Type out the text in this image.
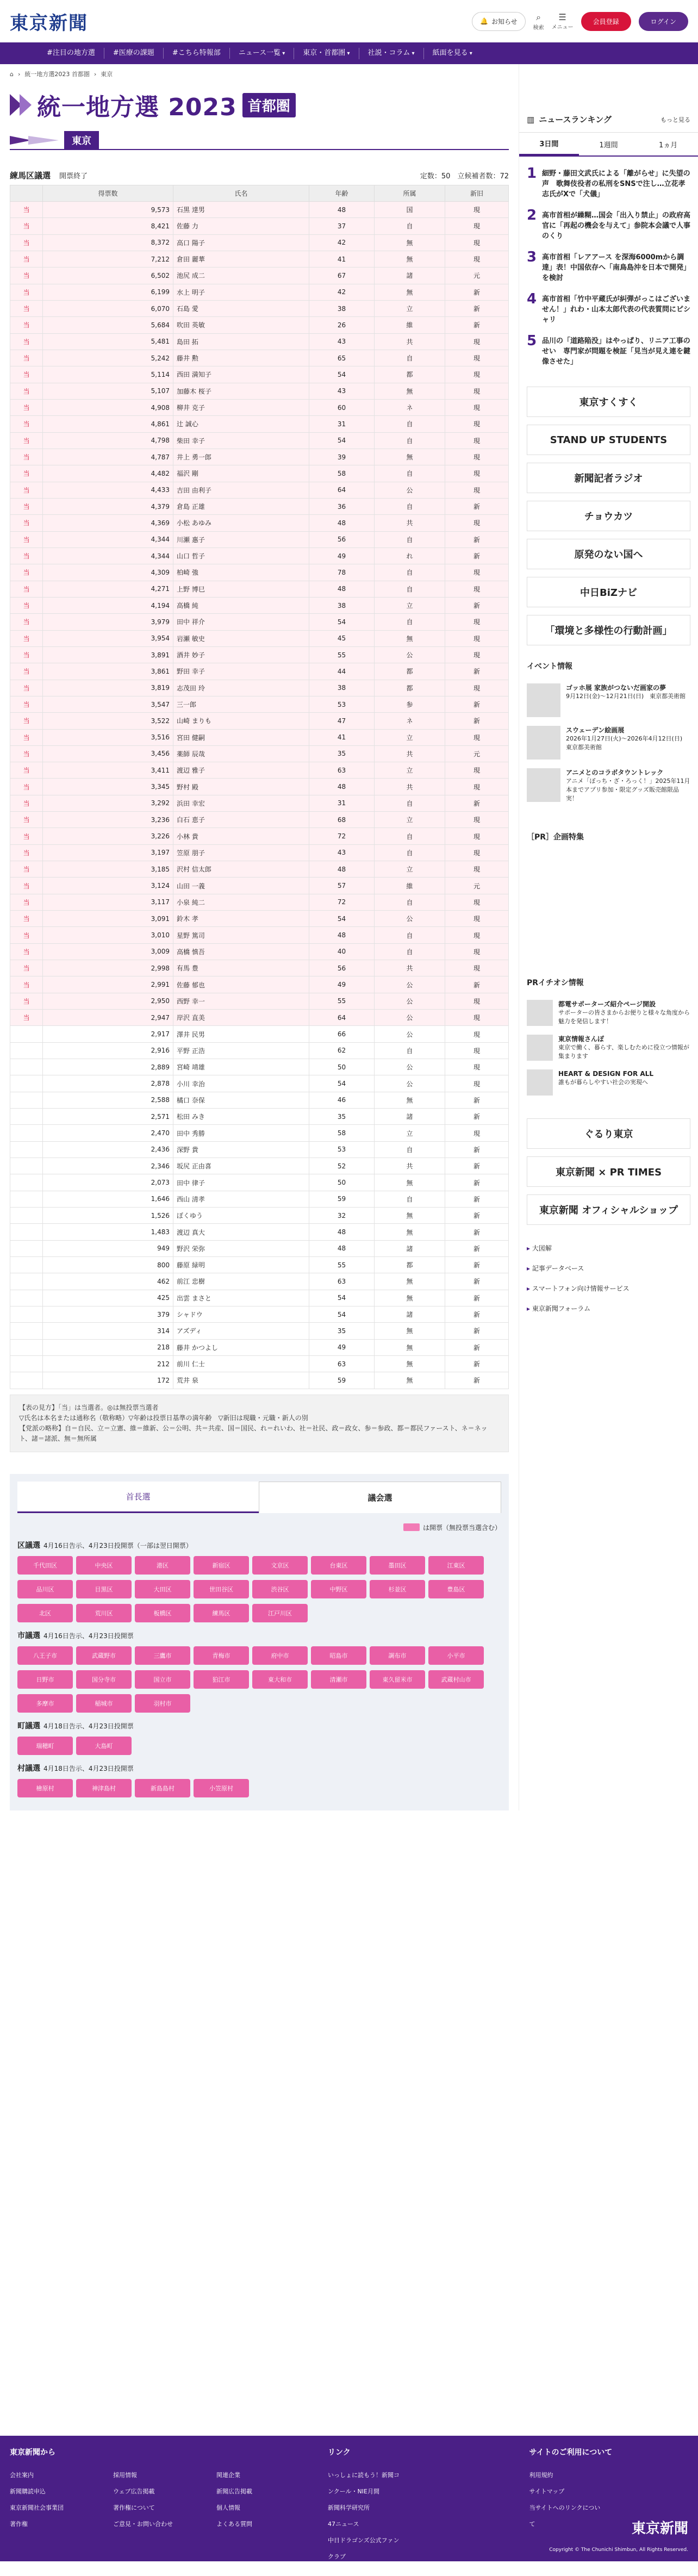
東京新聞	🔔 お知らせ ⌕
検索
☰
メニュー
会員登録	ログイン
#注目の地方選	#医療の課題	#こちら特報部	ニュース一覧 ▾	東京・首都圏 ▾	社説・コラム ▾	紙面を見る ▾
⌂ › 統一地方選2023 首都圏 › 東京
統一地方選 2023 首都圏
東京
練馬区議選 開票終了	定数：50　立候補者数：72
	得票数	氏名	年齢	所属	新旧
当	9,573	石黒 達男	48	国	現
当	8,421	佐藤 力	37	自	現
当	8,372	高口 陽子	42	無	現
当	7,212	倉田 麗華	41	無	現
当	6,502	池尻 成二	67	諸	元
当	6,199	水上 明子	42	無	新
当	6,070	石島 愛	38	立	新
当	5,684	吹田 英敏	26	維	新
当	5,481	島田 拓	43	共	現
当	5,242	藤井 勲	65	自	現
当	5,114	西田 満知子	54	都	現
当	5,107	加藤木 桜子	43	無	現
当	4,908	柳井 克子	60	ネ	現
当	4,861	辻 誠心	31	自	現
当	4,798	柴田 幸子	54	自	現
当	4,787	井上 勇一郎	39	無	現
当	4,482	福沢 剛	58	自	現
当	4,433	吉田 由利子	64	公	現
当	4,379	倉島 正雄	36	自	新
当	4,369	小松 あゆみ	48	共	現
当	4,344	川瀬 惠子	56	自	新
当	4,344	山口 哲子	49	れ	新
当	4,309	柏崎 強	78	自	現
当	4,271	上野 博巳	48	自	現
当	4,194	高橋 純	38	立	新
当	3,979	田中 祥介	54	自	現
当	3,954	岩瀬 敏史	45	無	現
当	3,891	酒井 妙子	55	公	現
当	3,861	野田 幸子	44	都	新
当	3,819	志茂田 玲	38	都	現
当	3,547	三一郎	53	参	新
当	3,522	山崎 まりも	47	ネ	新
当	3,516	宮田 健嗣	41	立	現
当	3,456	薬師 辰哉	35	共	元
当	3,411	渡辺 雅子	63	立	現
当	3,345	野村 殿	48	共	現
当	3,292	浜田 幸宏	31	自	新
当	3,236	白石 恵子	68	立	現
当	3,226	小林 貴	72	自	現
当	3,197	笠原 朋子	43	自	現
当	3,185	沢村 信太郎	48	立	現
当	3,124	山田 一義	57	維	元
当	3,117	小泉 純二	72	自	現
当	3,091	鈴木 孝	54	公	現
当	3,010	星野 篤司	48	自	現
当	3,009	高橋 慎吾	40	自	現
当	2,998	有馬 豊	56	共	現
当	2,991	佐藤 郁也	49	公	新
当	2,950	西野 幸一	55	公	現
当	2,947	岸沢 直美	64	公	現
	2,917	澤井 民男	66	公	現
	2,916	平野 正浩	62	自	現
	2,889	宮崎 靖雄	50	公	現
	2,878	小川 幸治	54	公	現
	2,588	橘口 奈保	46	無	新
	2,571	松田 みき	35	諸	新
	2,470	田中 秀勝	58	立	現
	2,436	深野 貴	53	自	新
	2,346	坂尻 正由喜	52	共	新
	2,073	田中 律子	50	無	新
	1,646	西山 清孝	59	自	新
	1,526	ぼくゆう	32	無	新
	1,483	渡辺 真大	48	無	新
	949	野沢 栄弥	48	諸	新
	800	藤原 緑明	55	都	新
	462	前江 忠樹	63	無	新
	425	出雲 まさと	54	無	新
	379	シャドウ	54	諸	新
	314	アズディ	35	無	新
	218	藤井 かつよし	49	無	新
	212	前川 仁士	63	無	新
	172	荒井 泉	59	無	新
【表の見方】「当」は当選者。◎は無投票当選者
▽氏名は本名または通称名（敬称略）▽年齢は投票日基準の満年齢　▽新旧は現職・元職・新人の別
【党派の略称】自＝自民、立＝立憲、維＝維新、公＝公明、共＝共産、国＝国民、れ＝れいわ、社＝社民、政＝政女、参＝参政、都＝都民ファースト、ネ＝ネット、諸＝諸派、無＝無所属
首長選	議会選
は開票（無投票当選含む）
区議選 4月16日告示、4月23日投開票（一部は翌日開票）
千代田区	中央区	港区	新宿区	文京区	台東区	墨田区	江東区
品川区	目黒区	大田区	世田谷区	渋谷区	中野区	杉並区	豊島区
北区	荒川区	板橋区	練馬区	江戸川区
市議選 4月16日告示、4月23日投開票
八王子市	武蔵野市	三鷹市	青梅市	府中市	昭島市	調布市	小平市
日野市	国分寺市	国立市	狛江市	東大和市	清瀬市	東久留米市	武蔵村山市
多摩市	稲城市	羽村市
町議選 4月18日告示、4月23日投開票
瑞穂町	大島町
村議選 4月18日告示、4月23日投開票
檜原村	神津島村	新島島村	小笠原村
▥ ニュースランキング	もっと見る
3日間	1週間	1ヵ月
1 細野・藤田文武氏による「離がらせ」に失望の声　歌舞伎役者の私刑をSNSで注し…立花孝志氏がXで「犬儀」
2 高市首相が繰糊…国会「出入り禁止」の政府高官に「再起の機会を与えて」参院本会議で人事のくり
3 高市首相「レアアース を深海6000mから調達」表！中国依存へ「南鳥島沖を日本で開発」を検討
4 高市首相「竹中平蔵氏が糾弾がっこはございません！」れわ・山本太郎代表の代表質問にピシャリ
5 品川の「道路陥没」はやっぱり、リニア工事のせい　専門家が問題を検証「見当が見え連を鍵像させた」
東京すくすく
STAND UP STUDENTS
新聞記者ラジオ
チョウカツ
原発のない国へ
中日BiZナビ
「環境と多様性の行動計画」
イベント情報
ゴッホ展 家族がつないだ画家の夢
9月12日(金)～12月21日(日)　東京都美術館
スウェーデン絵画展
2026年1月27日(火)～2026年4月12日(日)　東京都美術館
アニメとのコラボタウントレック
アニメ「ぼっち・ざ・ろっく！」2025年11月本までアプリ参加・限定グッズ販売館限品実！
［PR］企画特集
PRイチオシ情報
都電サポーターズ紹介ページ開設
サポーターの皆さまからお便りと様々な角度から魅力を発信します！
東京情報さんぽ
東京で働く、暮らす、楽しむために役立つ情報が集まります
HEART & DESIGN FOR ALL
誰もが暮らしやすい社会の実現へ
ぐるり東京
東京新聞 × PR TIMES
東京新聞 オフィシャルショップ
▸ 大図解
▸ 記事データベース
▸ スマートフォン向け情報サービス
▸ 東京新聞フォーラム
東京新聞から
会社案内	採用情報	関連企業
新聞購読申込	ウェブ広告掲載	新聞広告掲載
東京新聞社会事業団	著作権について	個人情報
著作権	ご意見・お問い合わせ	よくある質問
リンク
いっしょに読もう！新聞コンクール・NIE月間
新聞科学研究所
47ニュース
中日ドラゴンズ公式ファンクラブ
サイトのご利用について
利用規約
サイトマップ
当サイトへのリンクについて	東京新聞
Copyright © The Chunichi Shimbun, All Rights Reserved.
